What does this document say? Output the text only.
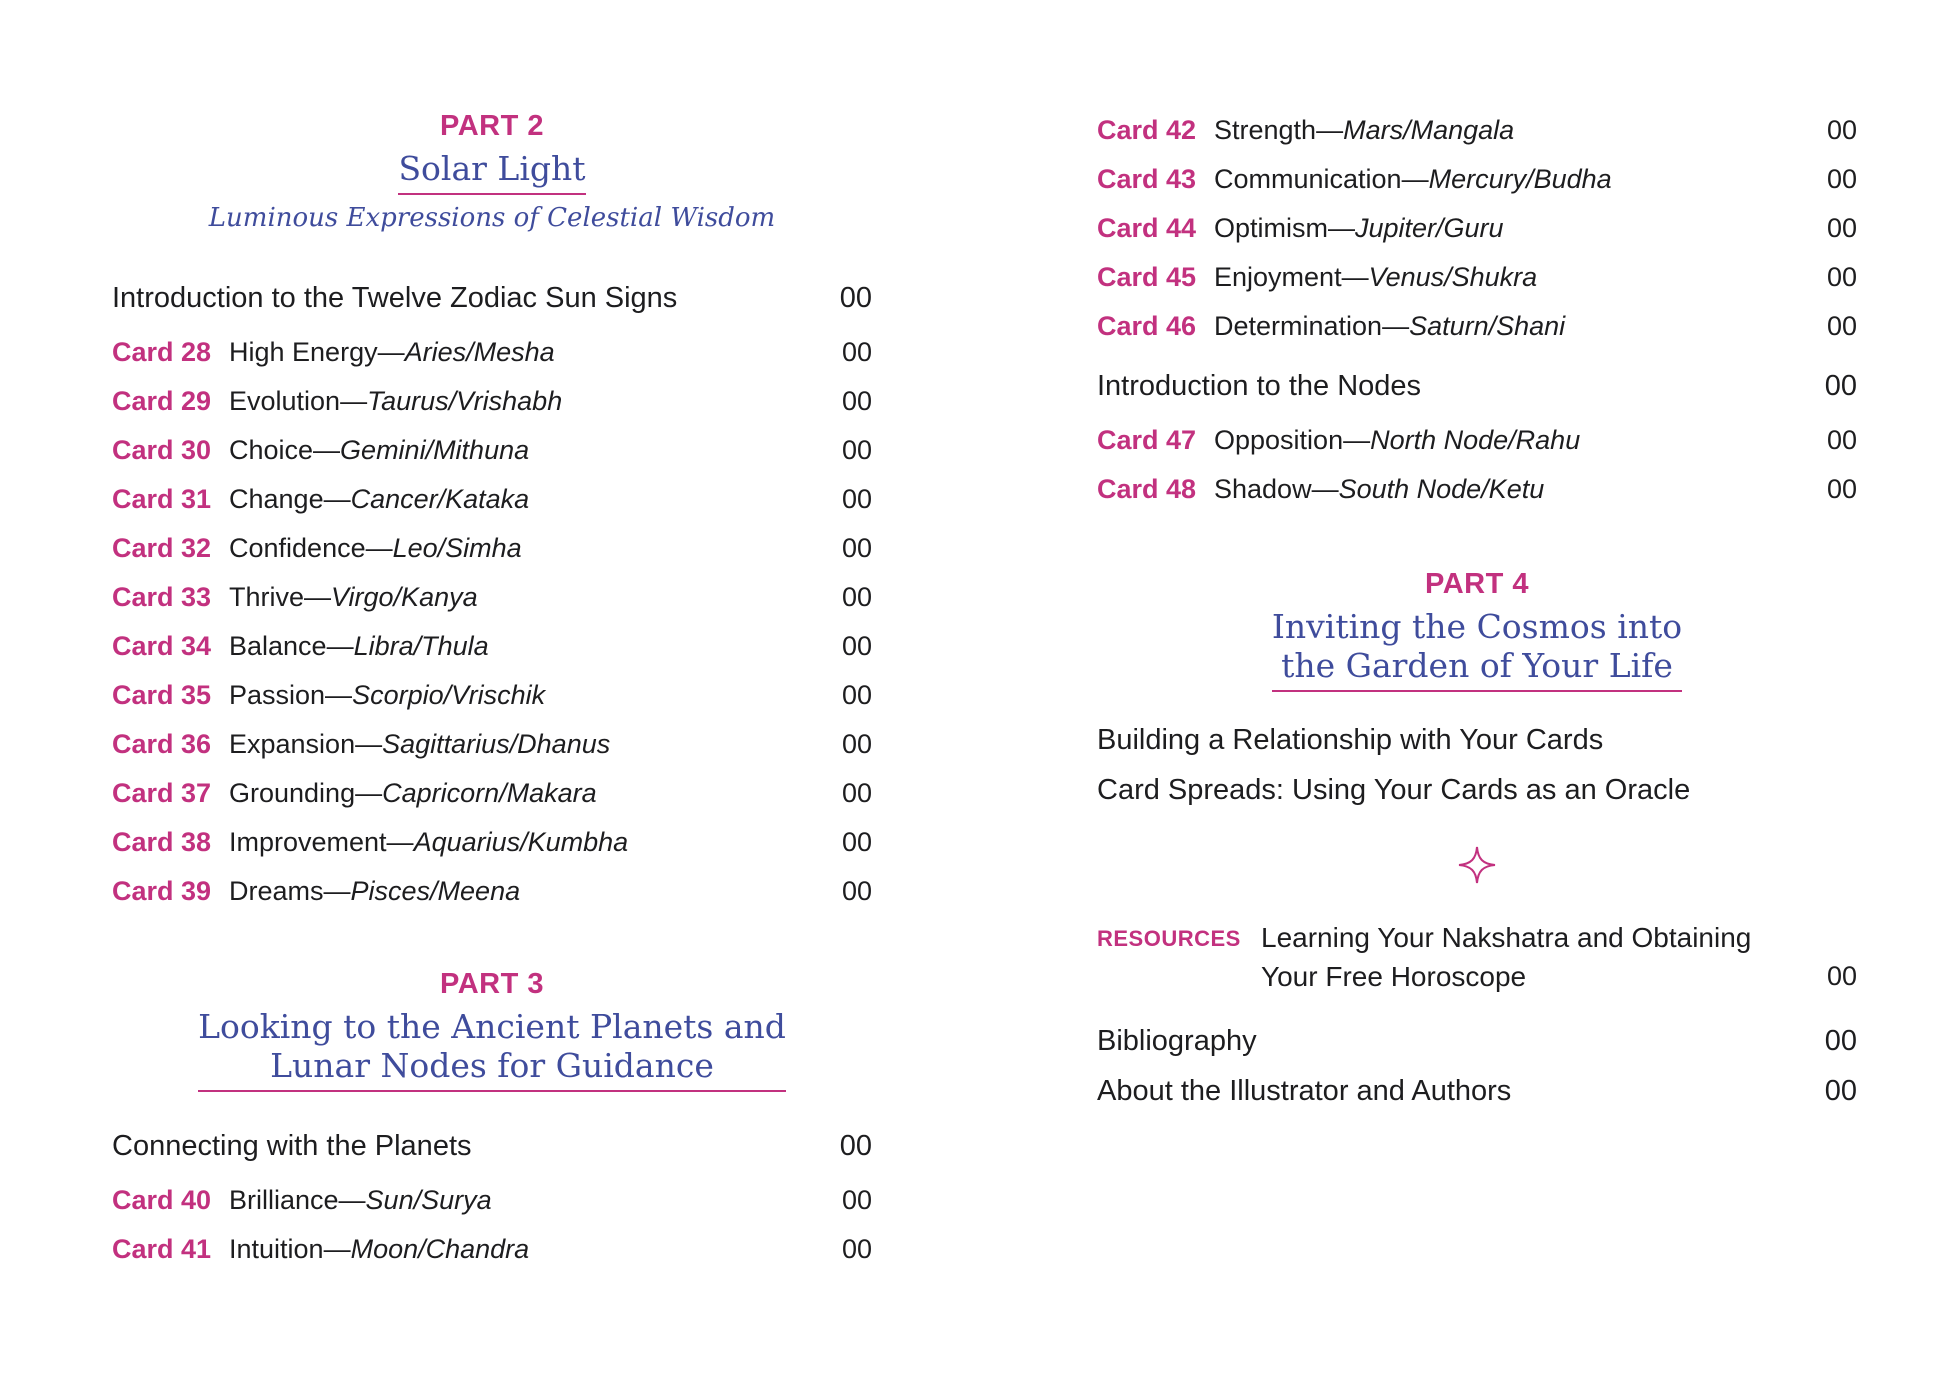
PART 2
Solar Light
Luminous Expressions of Celestial Wisdom
Introduction to the Twelve Zodiac Sun Signs	00
Card 28 High Energy—Aries/Mesha	00
Card 29 Evolution—Taurus/Vrishabh	00
Card 30 Choice—Gemini/Mithuna	00
Card 31 Change—Cancer/Kataka	00
Card 32 Confidence—Leo/Simha	00
Card 33 Thrive—Virgo/Kanya	00
Card 34 Balance—Libra/Thula	00
Card 35 Passion—Scorpio/Vrischik	00
Card 36 Expansion—Sagittarius/Dhanus	00
Card 37 Grounding—Capricorn/Makara	00
Card 38 Improvement—Aquarius/Kumbha	00
Card 39 Dreams—Pisces/Meena	00
PART 3
Looking to the Ancient Planets and
Lunar Nodes for Guidance
Connecting with the Planets	00
Card 40 Brilliance—Sun/Surya	00
Card 41 Intuition—Moon/Chandra	00
Card 42 Strength—Mars/Mangala	00
Card 43 Communication—Mercury/Budha	00
Card 44 Optimism—Jupiter/Guru	00
Card 45 Enjoyment—Venus/Shukra	00
Card 46 Determination—Saturn/Shani	00
Introduction to the Nodes	00
Card 47 Opposition—North Node/Rahu	00
Card 48 Shadow—South Node/Ketu	00
PART 4
Inviting the Cosmos into
the Garden of Your Life
Building a Relationship with Your Cards
Card Spreads: Using Your Cards as an Oracle
RESOURCES Learning Your Nakshatra and Obtaining
Your Free Horoscope	00
Bibliography	00
About the Illustrator and Authors	00
